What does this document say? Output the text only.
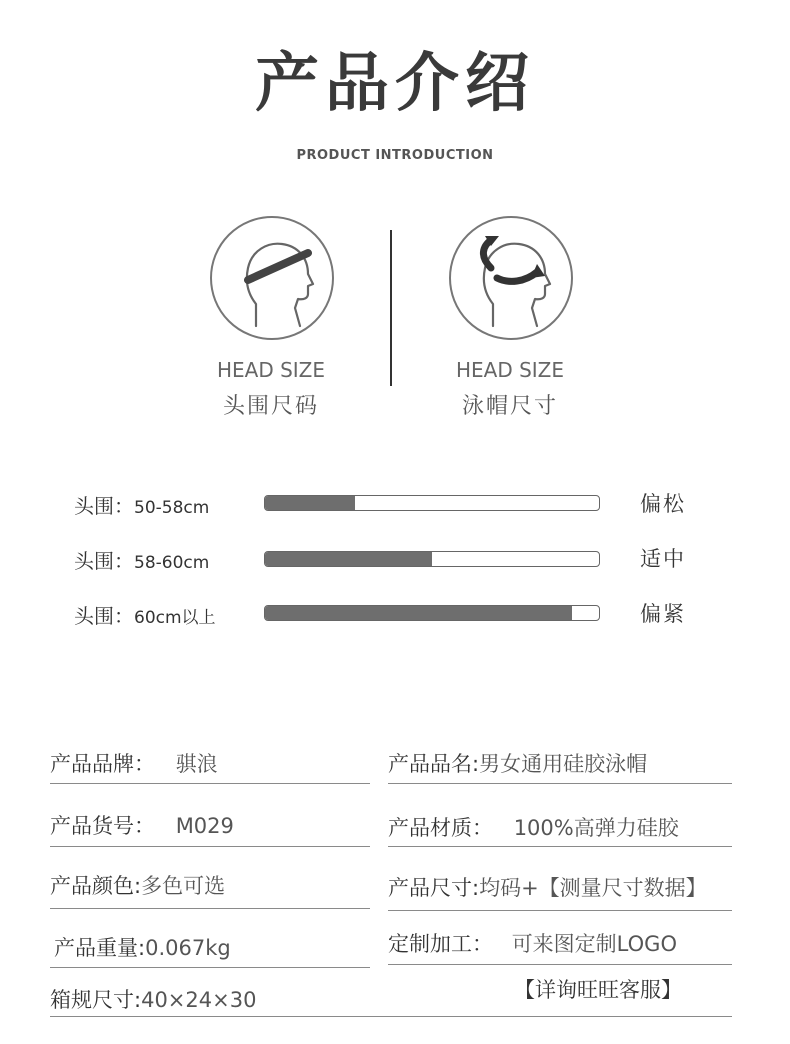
产品介绍
PRODUCT INTRODUCTION
HEAD SIZE
头围尺码
HEAD SIZE
泳帽尺寸
头围：50-58cm	偏松
头围：58-60cm	适中
头围：60cm以上	偏紧
产品品牌： 骐浪	产品品名:男女通用硅胶泳帽
产品货号： M029	产品材质： 100%高弹力硅胶
产品颜色:多色可选	产品尺寸:均码+【测量尺寸数据】
产品重量:0.067kg	定制加工： 可来图定制LOGO
【详询旺旺客服】
箱规尺寸:40×24×30
